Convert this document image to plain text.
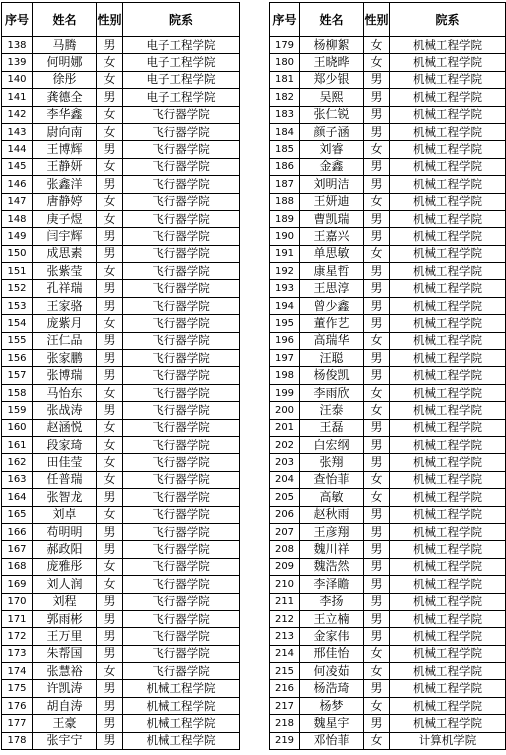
序号	姓名	性别	院系
138	马腾	男	电子工程学院
139	何明娜	女	电子工程学院
140	徐彤	女	电子工程学院
141	龚德全	男	电子工程学院
142	李华鑫	女	飞行器学院
143	尉向南	女	飞行器学院
144	王博辉	男	飞行器学院
145	王静妍	女	飞行器学院
146	张鑫洋	男	飞行器学院
147	唐静婷	女	飞行器学院
148	庚子煜	女	飞行器学院
149	闫宇辉	男	飞行器学院
150	成思素	男	飞行器学院
151	张紫莹	女	飞行器学院
152	孔祥瑞	男	飞行器学院
153	王家骆	男	飞行器学院
154	庞紫月	女	飞行器学院
155	汪仁品	男	飞行器学院
156	张家鹏	男	飞行器学院
157	张博瑞	男	飞行器学院
158	马怡东	女	飞行器学院
159	张战涛	男	飞行器学院
160	赵涵悦	女	飞行器学院
161	段家琦	女	飞行器学院
162	田佳莹	女	飞行器学院
163	任普瑞	女	飞行器学院
164	张智龙	男	飞行器学院
165	刘卓	女	飞行器学院
166	苟明明	男	飞行器学院
167	郝政阳	男	飞行器学院
168	庞雅彤	女	飞行器学院
169	刘人润	女	飞行器学院
170	刘程	男	飞行器学院
171	郭雨彬	男	飞行器学院
172	王万里	男	飞行器学院
173	朱帮国	男	飞行器学院
174	张慧裕	女	飞行器学院
175	许凯涛	男	机械工程学院
176	胡自涛	男	机械工程学院
177	王豪	男	机械工程学院
178	张宇宁	男	机械工程学院
序号	姓名	性别	院系
179	杨柳絮	女	机械工程学院
180	王晓晔	女	机械工程学院
181	郑少银	男	机械工程学院
182	吴熙	男	机械工程学院
183	张仁锐	男	机械工程学院
184	颜子涵	男	机械工程学院
185	刘睿	女	机械工程学院
186	金鑫	男	机械工程学院
187	刘明洁	男	机械工程学院
188	王妍迪	女	机械工程学院
189	曹凯瑞	男	机械工程学院
190	王嘉兴	男	机械工程学院
191	单思敏	女	机械工程学院
192	康星哲	男	机械工程学院
193	王思淳	男	机械工程学院
194	曾少鑫	男	机械工程学院
195	董作艺	男	机械工程学院
196	高瑞华	女	机械工程学院
197	汪聪	男	机械工程学院
198	杨俊凯	男	机械工程学院
199	李雨欣	女	机械工程学院
200	汪泰	女	机械工程学院
201	王磊	男	机械工程学院
202	白宏纲	男	机械工程学院
203	张翔	男	机械工程学院
204	查怡菲	女	机械工程学院
205	高敏	女	机械工程学院
206	赵秋雨	男	机械工程学院
207	王彦翔	男	机械工程学院
208	魏川祥	男	机械工程学院
209	魏浩然	男	机械工程学院
210	李泽瞻	男	机械工程学院
211	李扬	男	机械工程学院
212	王立楠	男	机械工程学院
213	金家伟	男	机械工程学院
214	邢佳怡	女	机械工程学院
215	何凌茹	女	机械工程学院
216	杨浩琦	男	机械工程学院
217	杨梦	女	机械工程学院
218	魏星宇	男	机械工程学院
219	邓怡菲	女	计算机学院
